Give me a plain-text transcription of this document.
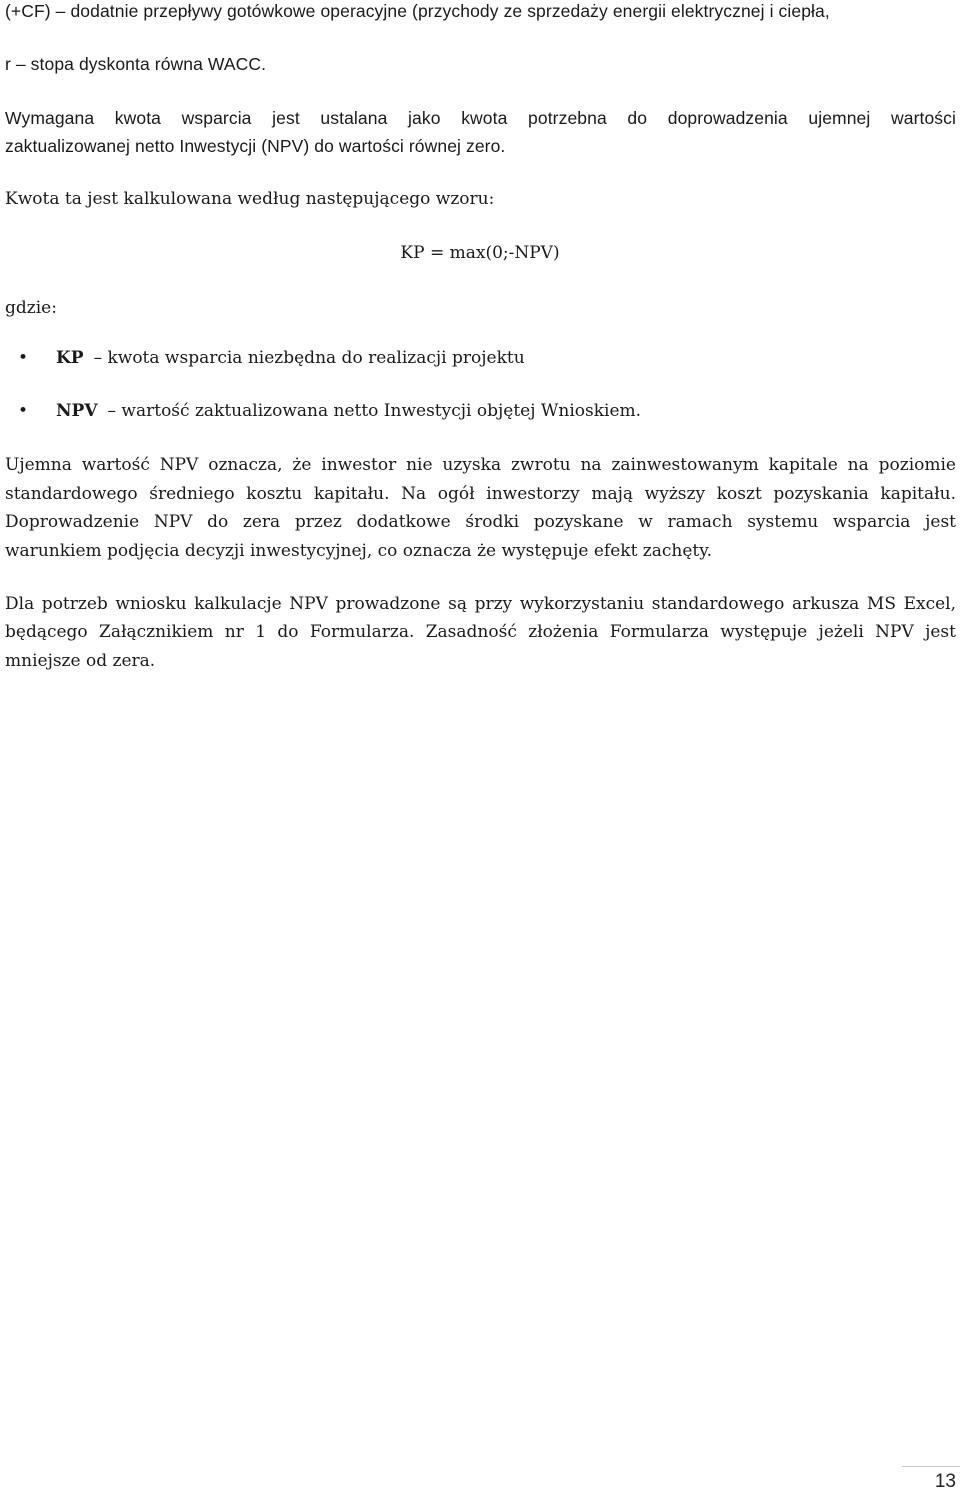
(+CF) – dodatnie przepływy gotówkowe operacyjne (przychody ze sprzedaży energii elektrycznej i ciepła,
r – stopa dyskonta równa WACC.
Wymagana kwota wsparcia jest ustalana jako kwota potrzebna do doprowadzenia ujemnej wartości
zaktualizowanej netto Inwestycji (NPV) do wartości równej zero.
Kwota ta jest kalkulowana według następującego wzoru:
KP = max(0;-NPV)
gdzie:
• KP – kwota wsparcia niezbędna do realizacji projektu
• NPV – wartość zaktualizowana netto Inwestycji objętej Wnioskiem.
Ujemna wartość NPV oznacza, że inwestor nie uzyska zwrotu na zainwestowanym kapitale na poziomie
standardowego średniego kosztu kapitału. Na ogół inwestorzy mają wyższy koszt pozyskania kapitału.
Doprowadzenie NPV do zera przez dodatkowe środki pozyskane w ramach systemu wsparcia jest
warunkiem podjęcia decyzji inwestycyjnej, co oznacza że występuje efekt zachęty.
Dla potrzeb wniosku kalkulacje NPV prowadzone są przy wykorzystaniu standardowego arkusza MS Excel,
będącego Załącznikiem nr 1 do Formularza. Zasadność złożenia Formularza występuje jeżeli NPV jest
mniejsze od zera.
13
